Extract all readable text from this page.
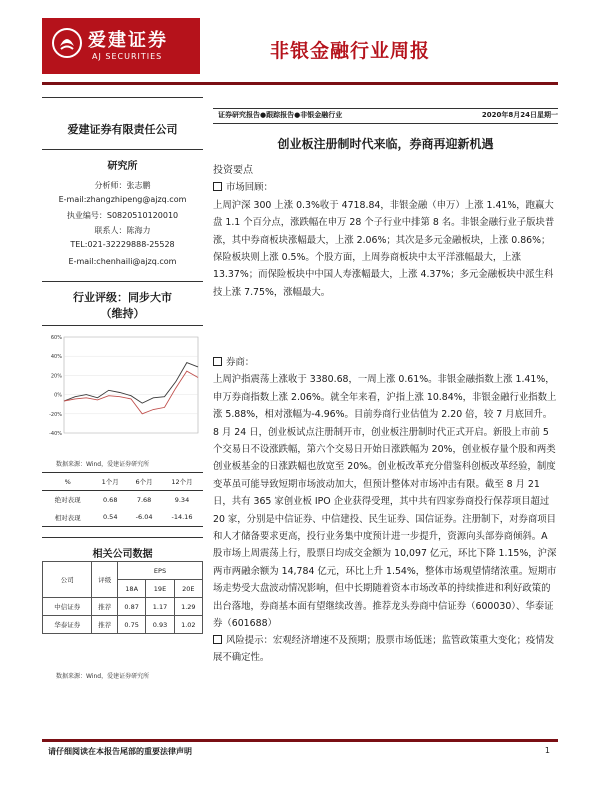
爱建证券
AJ SECURITIES	非银金融行业周报
爱建证券有限责任公司
研究所
分析师：张志鹏
E-mail:zhangzhipeng@ajzq.com
执业编号：S0820510120010
联系人：陈海力
TEL:021-32229888-25528
E-mail:chenhaili@ajzq.com
行业评级：同步大市
（维持）
60%
40%
20%
0%
-20%
-40%
数据来源：Wind，爱建证券研究所
%	1个月	6个月	12个月
绝对表现	0.68	7.68	9.34
相对表现	0.54	-6.04	-14.16
相关公司数据
公司	评级	EPS		
		18A	19E	20E
中信证券	推荐	0.87	1.17	1.29
华泰证券	推荐	0.75	0.93	1.02
数据来源：Wind，爱建证券研究所
证券研究报告●跟踪报告●非银金融行业	2020年8月24日星期一
创业板注册制时代来临，券商再迎新机遇

投资要点

市场回顾：

上周沪深 300 上涨 0.3%收于 4718.84，非银金融（申万）上涨 1.41%，跑赢大盘 1.1 个百分点，涨跌幅在申万 28 个子行业中排第 8 名。非银金融行业子版块普涨，其中券商板块涨幅最大，上涨 2.06%；其次是多元金融板块，上涨 0.86%；保险板块则上涨 0.5%。个股方面，上周券商板块中太平洋涨幅最大，上涨 13.37%；而保险板块中中国人寿涨幅最大，上涨 4.37%；多元金融板块中派生科技上涨 7.75%，涨幅最大。

券商：

上周沪指震荡上涨收于 3380.68，一周上涨 0.61%。非银金融指数上涨 1.41%，申万券商指数上涨 2.06%。就全年来看，沪指上涨 10.84%，非银金融行业指数上涨 5.88%，相对涨幅为-4.96%。目前券商行业估值为 2.20 倍，较 7 月底回升。8 月 24 日，创业板试点注册制开市，创业板注册制时代正式开启。新股上市前 5 个交易日不设涨跌幅，第六个交易日开始日涨跌幅为 20%，创业板存量个股和两类创业板基金的日涨跌幅也放宽至 20%。创业板改革充分借鉴科创板改革经验，制度变革虽可能导致短期市场波动加大，但预计整体对市场冲击有限。截至 8 月 21 日，共有 365 家创业板 IPO 企业获得受理，其中共有四家券商投行保荐项目超过 20 家，分别是中信证券、中信建投、民生证券、国信证券。注册制下，对券商项目和人才储备要求更高，投行业务集中度预计进一步提升，资源向头部券商倾斜。A 股市场上周震荡上行，股票日均成交金额为 10,097 亿元，环比下降 1.15%，沪深两市两融余额为 14,784 亿元，环比上升 1.54%，整体市场观望情绪浓重。短期市场走势受大盘波动情况影响，但中长期随着资本市场改革的持续推进和利好政策的出台落地，券商基本面有望继续改善。推荐龙头券商中信证券（600030）、华泰证券（601688）

风险提示：宏观经济增速不及预期；股票市场低迷；监管政策重大变化；疫情发展不确定性。

请仔细阅读在本报告尾部的重要法律声明	1
